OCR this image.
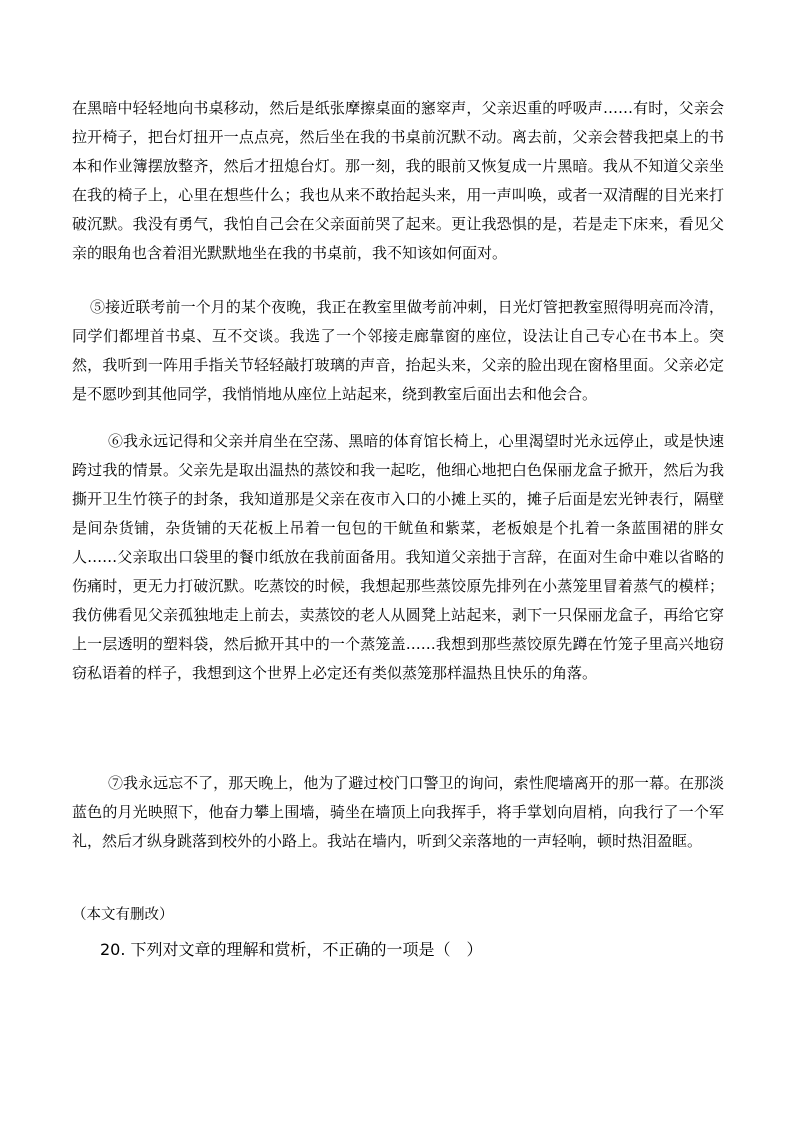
在黑暗中轻轻地向书桌移动，然后是纸张摩擦桌面的窸窣声，父亲迟重的呼吸声……有时，父亲会拉开椅子，把台灯扭开一点点亮，然后坐在我的书桌前沉默不动。离去前，父亲会替我把桌上的书本和作业簿摆放整齐，然后才扭熄台灯。那一刻，我的眼前又恢复成一片黑暗。我从不知道父亲坐在我的椅子上，心里在想些什么；我也从来不敢抬起头来，用一声叫唤，或者一双清醒的目光来打破沉默。我没有勇气，我怕自己会在父亲面前哭了起来。更让我恐惧的是，若是走下床来，看见父亲的眼角也含着泪光默默地坐在我的书桌前，我不知该如何面对。

⑤接近联考前一个月的某个夜晚，我正在教室里做考前冲刺，日光灯管把教室照得明亮而冷清，同学们都埋首书桌、互不交谈。我选了一个邻接走廊靠窗的座位，设法让自己专心在书本上。突然，我听到一阵用手指关节轻轻敲打玻璃的声音，抬起头来，父亲的脸出现在窗格里面。父亲必定是不愿吵到其他同学，我悄悄地从座位上站起来，绕到教室后面出去和他会合。

⑥我永远记得和父亲并肩坐在空荡、黑暗的体育馆长椅上，心里渴望时光永远停止，或是快速跨过我的情景。父亲先是取出温热的蒸饺和我一起吃，他细心地把白色保丽龙盒子掀开，然后为我撕开卫生竹筷子的封条，我知道那是父亲在夜市入口的小摊上买的，摊子后面是宏光钟表行，隔壁是间杂货铺，杂货铺的天花板上吊着一包包的干鱿鱼和紫菜，老板娘是个扎着一条蓝围裙的胖女人……父亲取出口袋里的餐巾纸放在我前面备用。我知道父亲拙于言辞，在面对生命中难以省略的伤痛时，更无力打破沉默。吃蒸饺的时候，我想起那些蒸饺原先排列在小蒸笼里冒着蒸气的模样；我仿佛看见父亲孤独地走上前去，卖蒸饺的老人从圆凳上站起来，剥下一只保丽龙盒子，再给它穿上一层透明的塑料袋，然后掀开其中的一个蒸笼盖……我想到那些蒸饺原先蹲在竹笼子里高兴地窃窃私语着的样子，我想到这个世界上必定还有类似蒸笼那样温热且快乐的角落。

⑦我永远忘不了，那天晚上，他为了避过校门口警卫的询问，索性爬墙离开的那一幕。在那淡蓝色的月光映照下，他奋力攀上围墙，骑坐在墙顶上向我挥手，将手掌划向眉梢，向我行了一个军礼，然后才纵身跳落到校外的小路上。我站在墙内，听到父亲落地的一声轻响，顿时热泪盈眶。

（本文有删改）

20. 下列对文章的理解和赏析，不正确的一项是（　）
